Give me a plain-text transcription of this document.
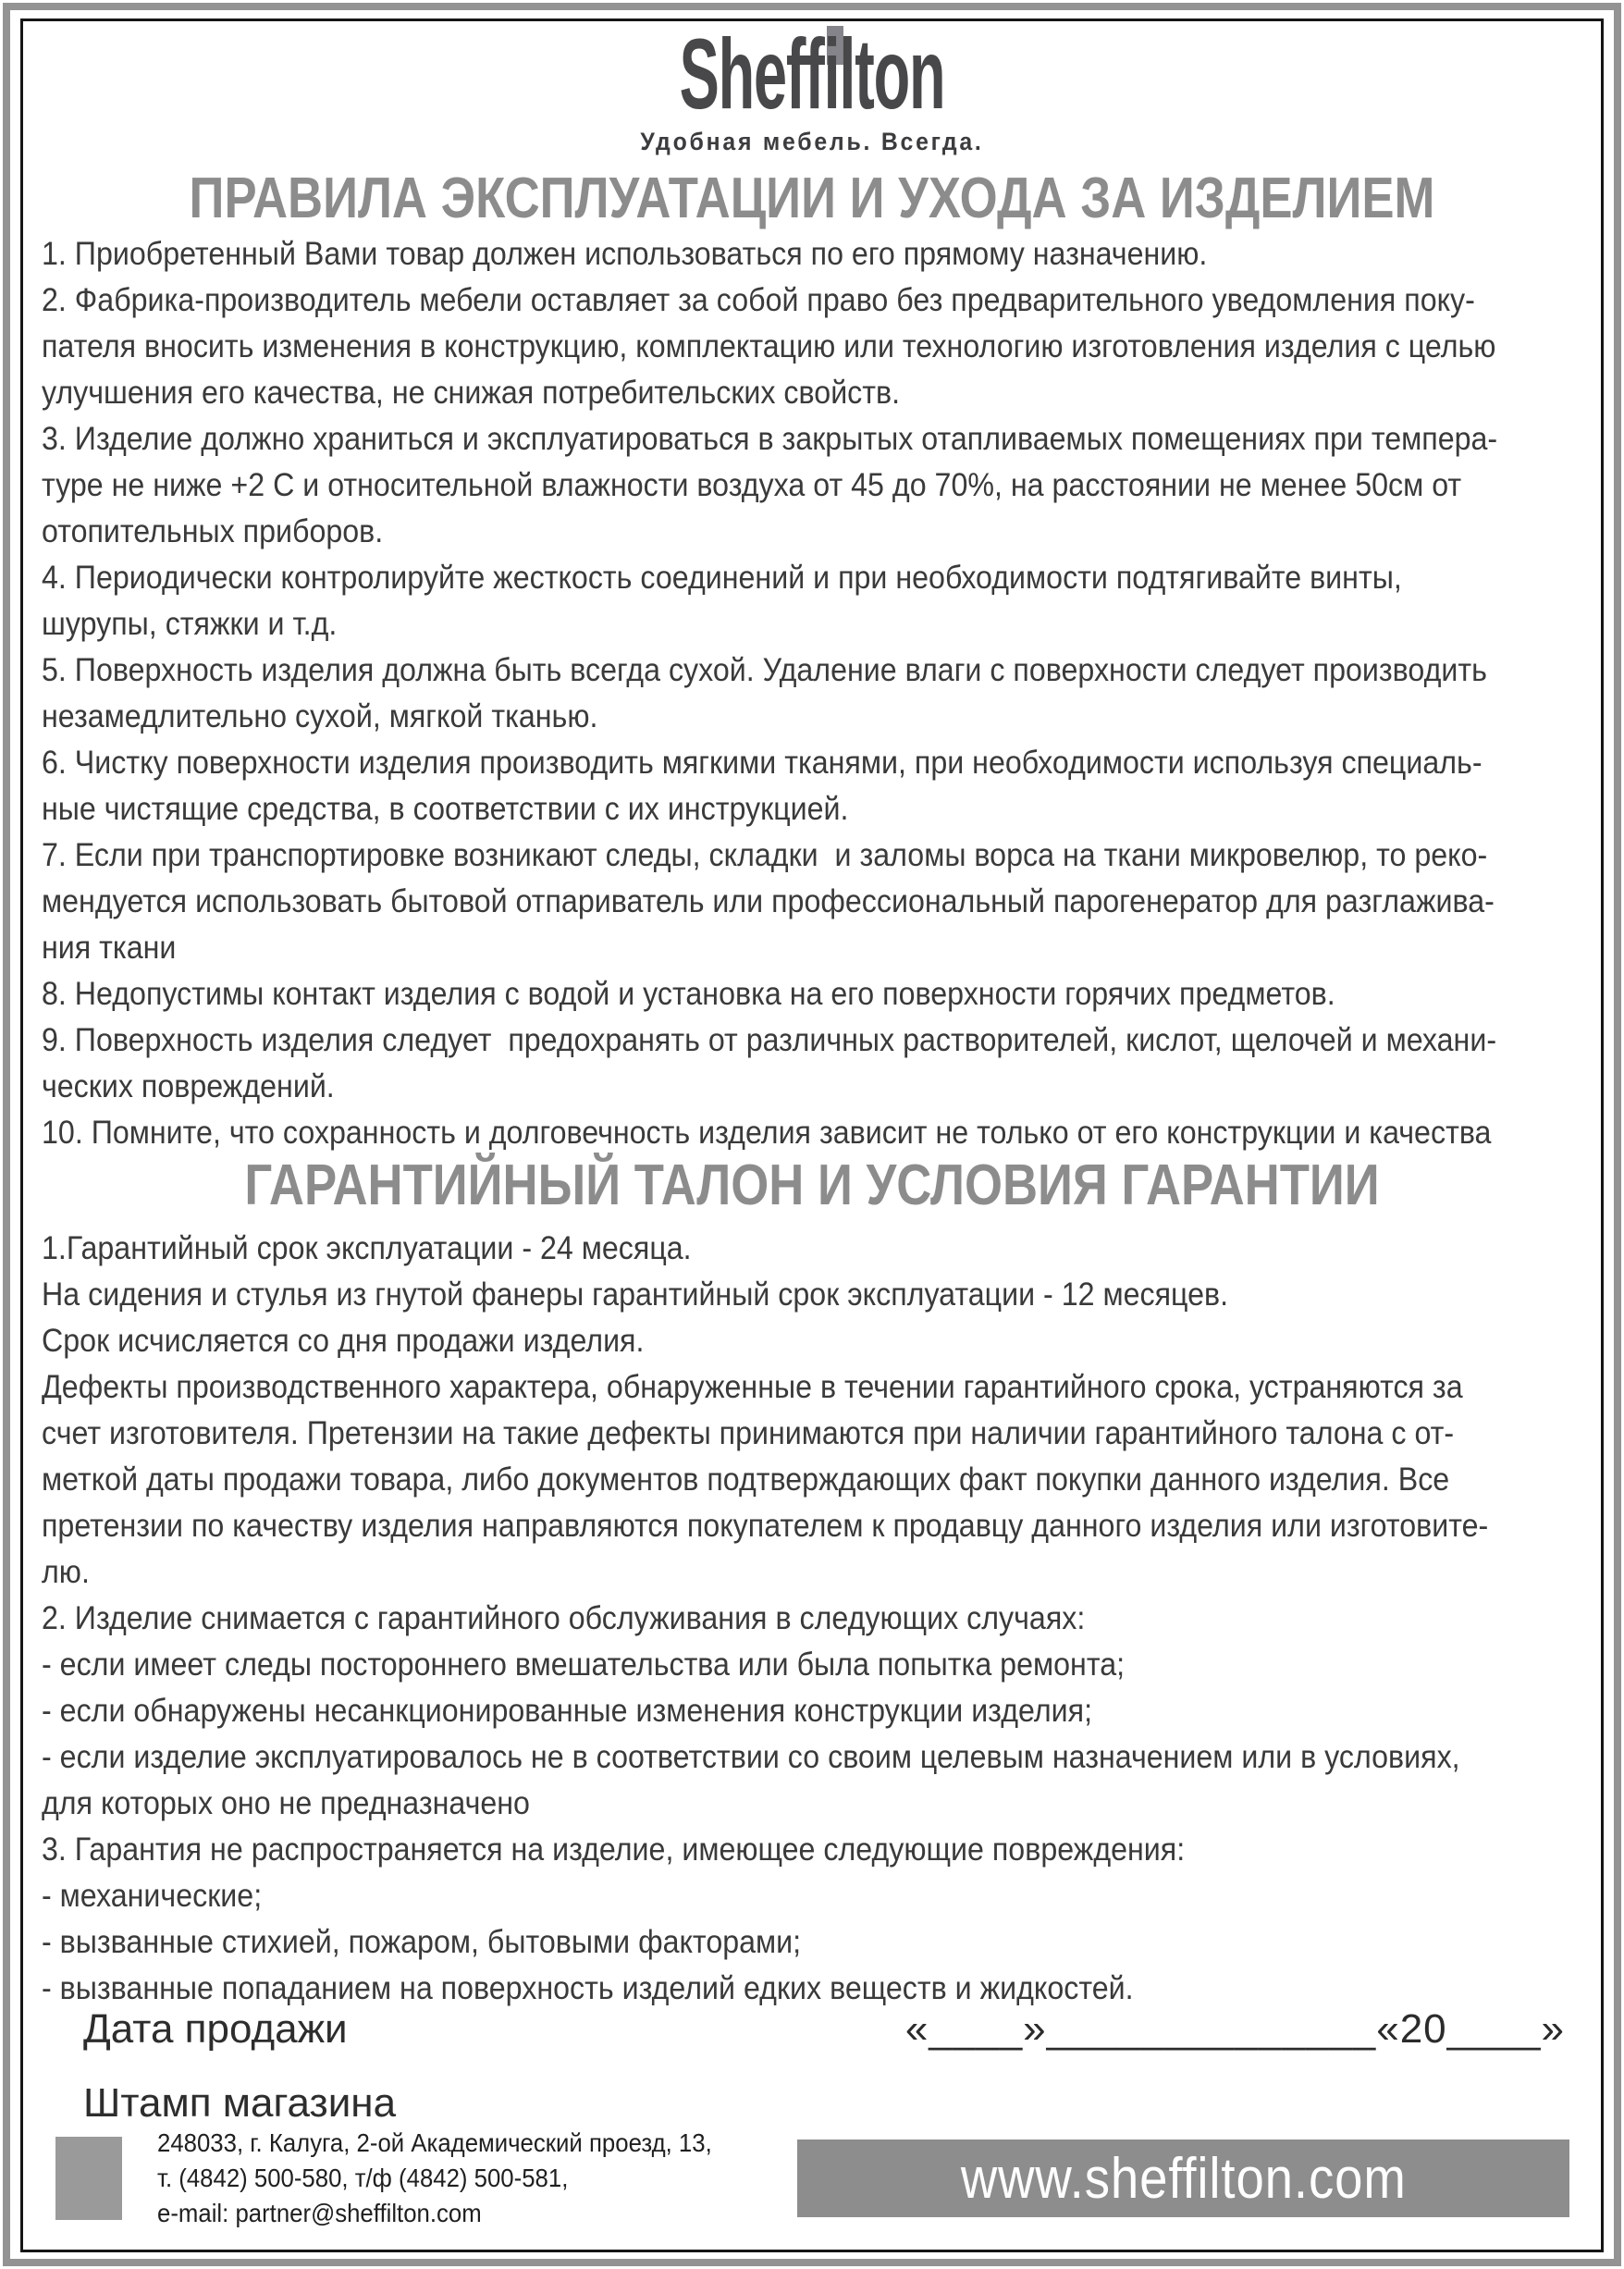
Sheffilton
Удобная мебель. Всегда.
ПРАВИЛА ЭКСПЛУАТАЦИИ И УХОДА ЗА ИЗДЕЛИЕМ
1. Приобретенный Вами товар должен использоваться по его прямому назначению.
2. Фабрика-производитель мебели оставляет за собой право без предварительного уведомления поку-
пателя вносить изменения в конструкцию, комплектацию или технологию изготовления изделия с целью
улучшения его качества, не снижая потребительских свойств.
3. Изделие должно храниться и эксплуатироваться в закрытых отапливаемых помещениях при темпера-
туре не ниже +2 С и относительной влажности воздуха от 45 до 70%, на расстоянии не менее 50см от
отопительных приборов.
4. Периодически контролируйте жесткость соединений и при необходимости подтягивайте винты,
шурупы, стяжки и т.д.
5. Поверхность изделия должна быть всегда сухой. Удаление влаги с поверхности следует производить
незамедлительно сухой, мягкой тканью.
6. Чистку поверхности изделия производить мягкими тканями, при необходимости используя специаль-
ные чистящие средства, в соответствии с их инструкцией.
7. Если при транспортировке возникают следы, складки  и заломы ворса на ткани микровелюр, то реко-
мендуется использовать бытовой отпариватель или профессиональный парогенератор для разглажива-
ния ткани
8. Недопустимы контакт изделия с водой и установка на его поверхности горячих предметов.
9. Поверхность изделия следует  предохранять от различных растворителей, кислот, щелочей и механи-
ческих повреждений.
10. Помните, что сохранность и долговечность изделия зависит не только от его конструкции и качества
ГАРАНТИЙНЫЙ ТАЛОН И УСЛОВИЯ ГАРАНТИИ
1.Гарантийный срок эксплуатации - 24 месяца.
На сидения и стулья из гнутой фанеры гарантийный срок эксплуатации - 12 месяцев.
Срок исчисляется со дня продажи изделия.
Дефекты производственного характера, обнаруженные в течении гарантийного срока, устраняются за
счет изготовителя. Претензии на такие дефекты принимаются при наличии гарантийного талона с от-
меткой даты продажи товара, либо документов подтверждающих факт покупки данного изделия. Все
претензии по качеству изделия направляются покупателем к продавцу данного изделия или изготовите-
лю.
2. Изделие снимается с гарантийного обслуживания в следующих случаях:
- если имеет следы постороннего вмешательства или была попытка ремонта;
- если обнаружены несанкционированные изменения конструкции изделия;
- если изделие эксплуатировалось не в соответствии со своим целевым назначением или в условиях,
для которых оно не предназначено
3. Гарантия не распространяется на изделие, имеющее следующие повреждения:
- механические;
- вызванные стихией, пожаром, бытовыми факторами;
- вызванные попаданием на поверхность изделий едких веществ и жидкостей.
Дата продажи	«____»______________«20____»
Штамп магазина
248033, г. Калуга, 2-ой Академический проезд, 13,
т. (4842) 500-580, т/ф (4842) 500-581,
e-mail: partner@sheffilton.com
www.sheffilton.com
